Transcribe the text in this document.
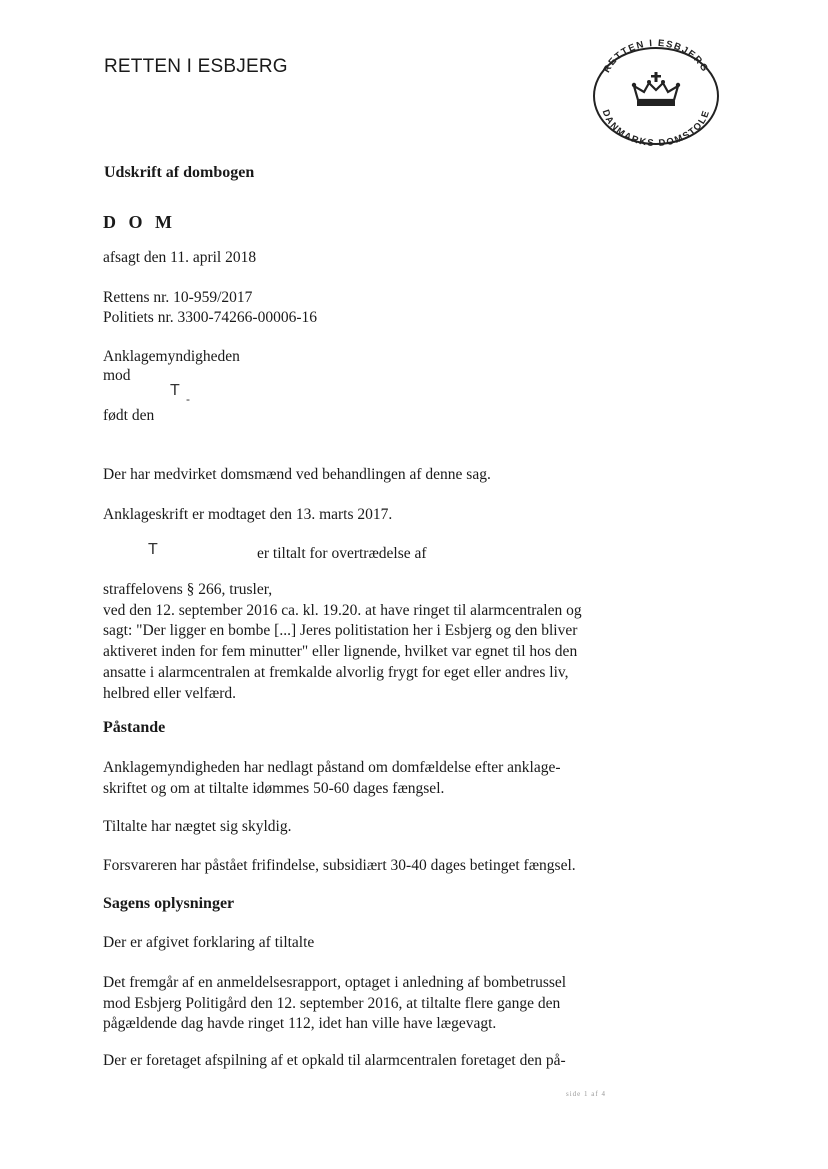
RETTEN I ESBJERG	RETTEN I ESBJERG
DANMARKS DOMSTOLE
Udskrift af dombogen
D O M
afsagt den 11. april 2018
Rettens nr. 10-959/2017
Politiets nr. 3300-74266-00006-16
Anklagemyndigheden
mod
T -
født den
Der har medvirket domsmænd ved behandlingen af denne sag.
Anklageskrift er modtaget den 13. marts 2017.
T	er tiltalt for overtrædelse af
straffelovens § 266, trusler,
ved den 12. september 2016 ca. kl. 19.20. at have ringet til alarmcentralen og
sagt: "Der ligger en bombe [...] Jeres politistation her i Esbjerg og den bliver
aktiveret inden for fem minutter" eller lignende, hvilket var egnet til hos den
ansatte i alarmcentralen at fremkalde alvorlig frygt for eget eller andres liv,
helbred eller velfærd.
Påstande
Anklagemyndigheden har nedlagt påstand om domfældelse efter anklage-
skriftet og om at tiltalte idømmes 50-60 dages fængsel.
Tiltalte har nægtet sig skyldig.
Forsvareren har påstået frifindelse, subsidiært 30-40 dages betinget fængsel.
Sagens oplysninger
Der er afgivet forklaring af tiltalte
Det fremgår af en anmeldelsesrapport, optaget i anledning af bombetrussel
mod Esbjerg Politigård den 12. september 2016, at tiltalte flere gange den
pågældende dag havde ringet 112, idet han ville have lægevagt.
Der er foretaget afspilning af et opkald til alarmcentralen foretaget den på-
side 1 af 4
